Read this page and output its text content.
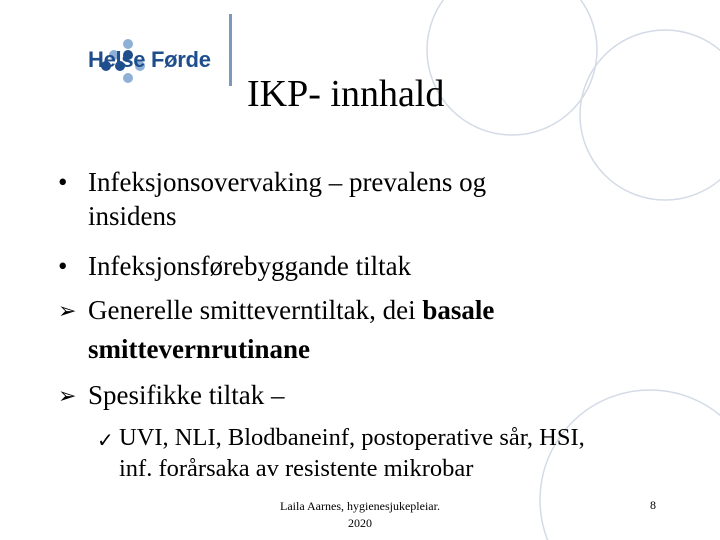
Helse Førde
IKP- innhald
• Infeksjonsovervaking – prevalens og
insidens
• Infeksjonsførebyggande tiltak
➢ Generelle smitteverntiltak, dei basale
smittevernrutinane
➢ Spesifikke tiltak –
✓ UVI, NLI, Blodbaneinf, postoperative sår, HSI,
inf. forårsaka av resistente mikrobar
Laila Aarnes, hygienesjukepleiar.
2020
8
